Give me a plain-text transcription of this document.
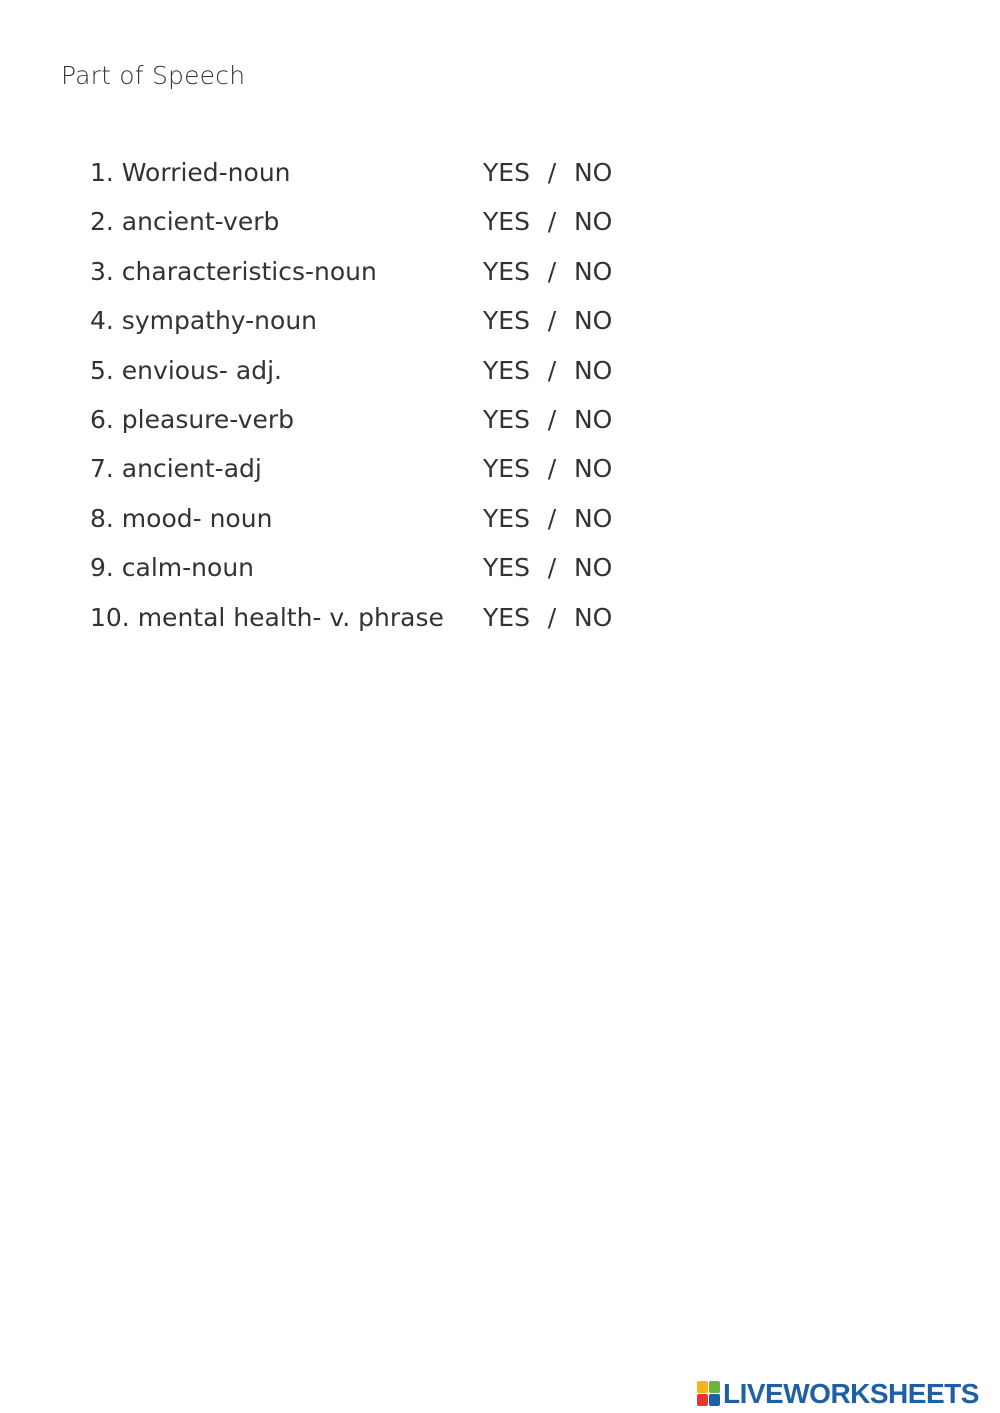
Part of Speech
1. Worried-noun	YES / NO
2. ancient-verb	YES / NO
3. characteristics-noun	YES / NO
4. sympathy-noun	YES / NO
5. envious- adj.	YES / NO
6. pleasure-verb	YES / NO
7. ancient-adj	YES / NO
8. mood- noun	YES / NO
9. calm-noun	YES / NO
10. mental health- v. phrase	YES / NO
LIVEWORKSHEETS
